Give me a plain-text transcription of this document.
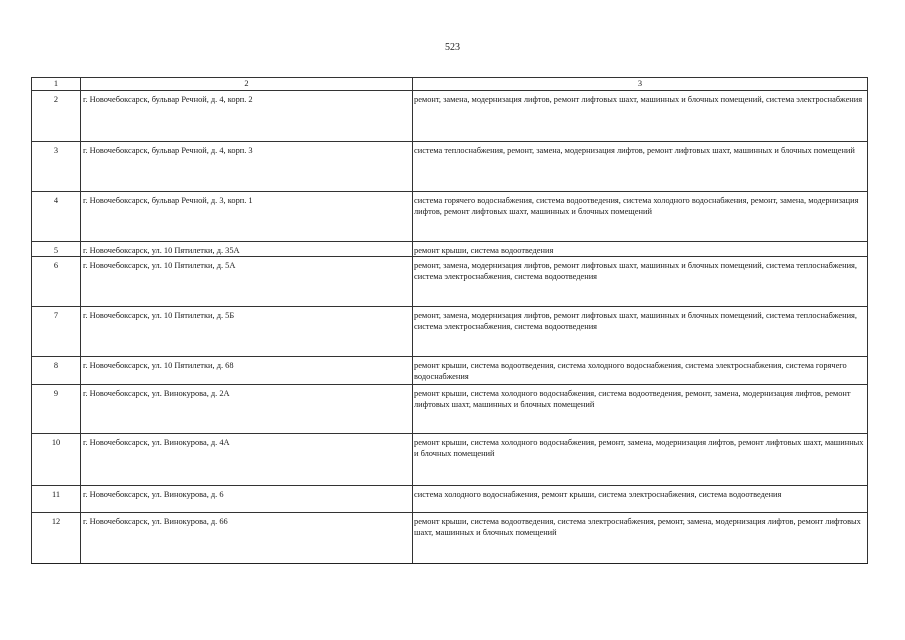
523
1	2	3
2	г. Новочебоксарск, бульвар Речной, д. 4, корп. 2	ремонт, замена, модернизация лифтов, ремонт лифтовых шахт, машинных и блочных помещений, система электроснабжения
3	г. Новочебоксарск, бульвар Речной, д. 4, корп. 3	система теплоснабжения, ремонт, замена, модернизация лифтов, ремонт лифтовых шахт, машинных и блочных помещений
4	г. Новочебоксарск, бульвар Речной, д. 3, корп. 1	система горячего водоснабжения, система водоотведения, система холодного водоснабжения, ремонт, замена, модернизация лифтов, ремонт лифтовых шахт, машинных и блочных помещений
5	г. Новочебоксарск, ул. 10 Пятилетки, д. 35А	ремонт крыши, система водоотведения
6	г. Новочебоксарск, ул. 10 Пятилетки, д. 5А	ремонт, замена, модернизация лифтов, ремонт лифтовых шахт, машинных и блочных помещений, система теплоснабжения, система электроснабжения, система водоотведения
7	г. Новочебоксарск, ул. 10 Пятилетки, д. 5Б	ремонт, замена, модернизация лифтов, ремонт лифтовых шахт, машинных и блочных помещений, система теплоснабжения, система электроснабжения, система водоотведения
8	г. Новочебоксарск, ул. 10 Пятилетки, д. 68	ремонт крыши, система водоотведения, система холодного водоснабжения, система электроснабжения, система горячего водоснабжения
9	г. Новочебоксарск, ул. Винокурова, д. 2А	ремонт крыши, система холодного водоснабжения, система водоотведения, ремонт, замена, модернизация лифтов, ремонт лифтовых шахт, машинных и блочных помещений
10	г. Новочебоксарск, ул. Винокурова, д. 4А	ремонт крыши, система холодного водоснабжения, ремонт, замена, модернизация лифтов, ремонт лифтовых шахт, машинных и блочных помещений
11	г. Новочебоксарск, ул. Винокурова, д. 6	система холодного водоснабжения, ремонт крыши, система электроснабжения, система водоотведения
12	г. Новочебоксарск, ул. Винокурова, д. 66	ремонт крыши, система водоотведения, система электроснабжения, ремонт, замена, модернизация лифтов, ремонт лифтовых шахт, машинных и блочных помещений
